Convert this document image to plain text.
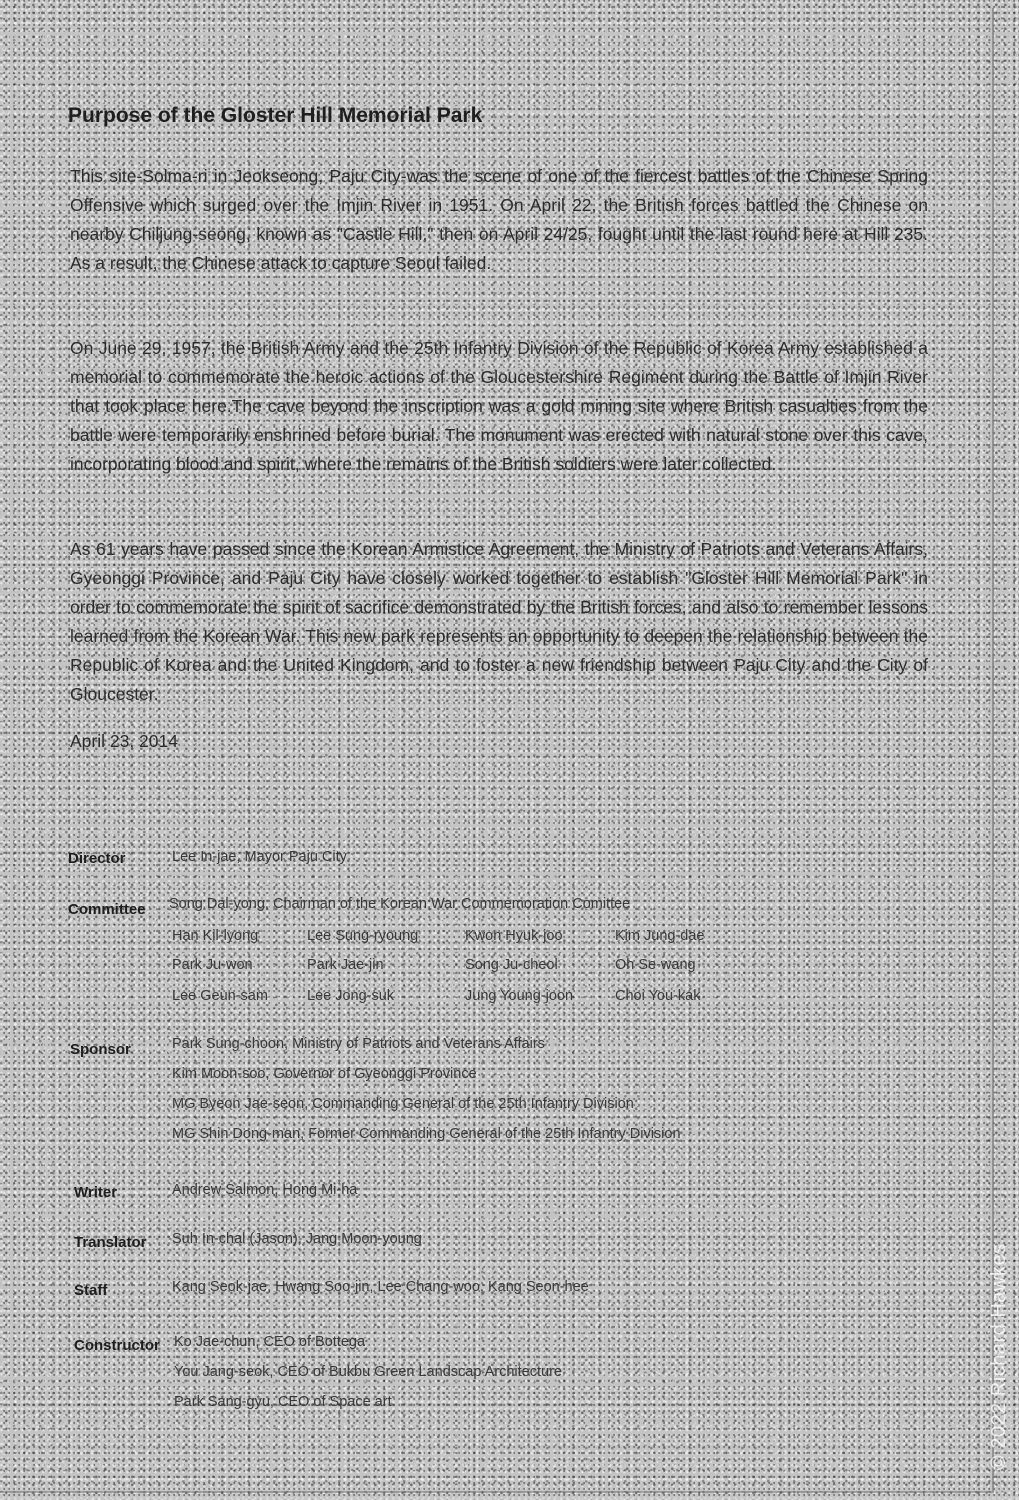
Purpose of the Gloster Hill Memorial Park
This site-Solma-ri in Jeokseong, Paju City-was the scene of one of the fiercest battles of the Chinese Spring Offensive which surged over the Imjin River in 1951. On April 22, the British forces battled the Chinese on nearby Chiljung-seong, known as "Castle Hill," then on April 24/25, fought until the last round here at Hill 235. As a result, the Chinese attack to capture Seoul failed.
On June 29, 1957, the British Army and the 25th Infantry Division of the Republic of Korea Army established a memorial to commemorate the heroic actions of the Gloucestershire Regiment during the Battle of Imjin River that took place here.The cave beyond the inscription was a gold mining site where British casualties from the battle were temporarily enshrined before burial. The monument was erected with natural stone over this cave, incorporating blood and spirit, where the remains of the British soldiers were later collected.
As 61 years have passed since the Korean Armistice Agreement, the Ministry of Patriots and Veterans Affairs, Gyeonggi Province, and Paju City have closely worked together to establish "Gloster Hill Memorial Park" in order to commemorate the spirit of sacrifice demonstrated by the British forces, and also to remember lessons learned from the Korean War. This new park represents an opportunity to deepen the relationship between the Republic of Korea and the United Kingdom, and to foster a new friendship between Paju City and the City of Gloucester.
April 23, 2014
Director	Lee In-jae, Mayor Paju City
Committee Song Dal-yong, Chairman of the Korean War Commemoration Comittee
Han Kil-lyong	Lee Sung-ryoung	Kwon Hyuk-joo	Kim Jung-dae
Park Ju-won	Park Jae-jin	Song Ju-cheol	Oh Se-wang
Lee Geun-sam	Lee Jong-suk	Jung Young-joon	Choi You-kak
Sponsor	Park Sung-choon, Ministry of Patriots and Veterans Affairs
Kim Moon-soo, Governor of Gyeonggi Province
MG Byeon Jae-seon, Commanding General of the 25th Infantry Division
MG Shin Dong-man, Former Commanding General of the 25th Infantry Division
Writer	Andrew Salmon, Hong Mi-ha
Translator Suh In-chal (Jason), Jang Moon-young
Staff	Kang Seok-jae, Hwang Soo-jin, Lee Chang-woo, Kang Seon-hee
Constructor Ko Jae-chun, CEO of Bottega
You Jang-seok, CEO of Bukbu Green Landscap Architecture
Park Sang-gyu, CEO of Space art	© 2022 Richard Hawkes
